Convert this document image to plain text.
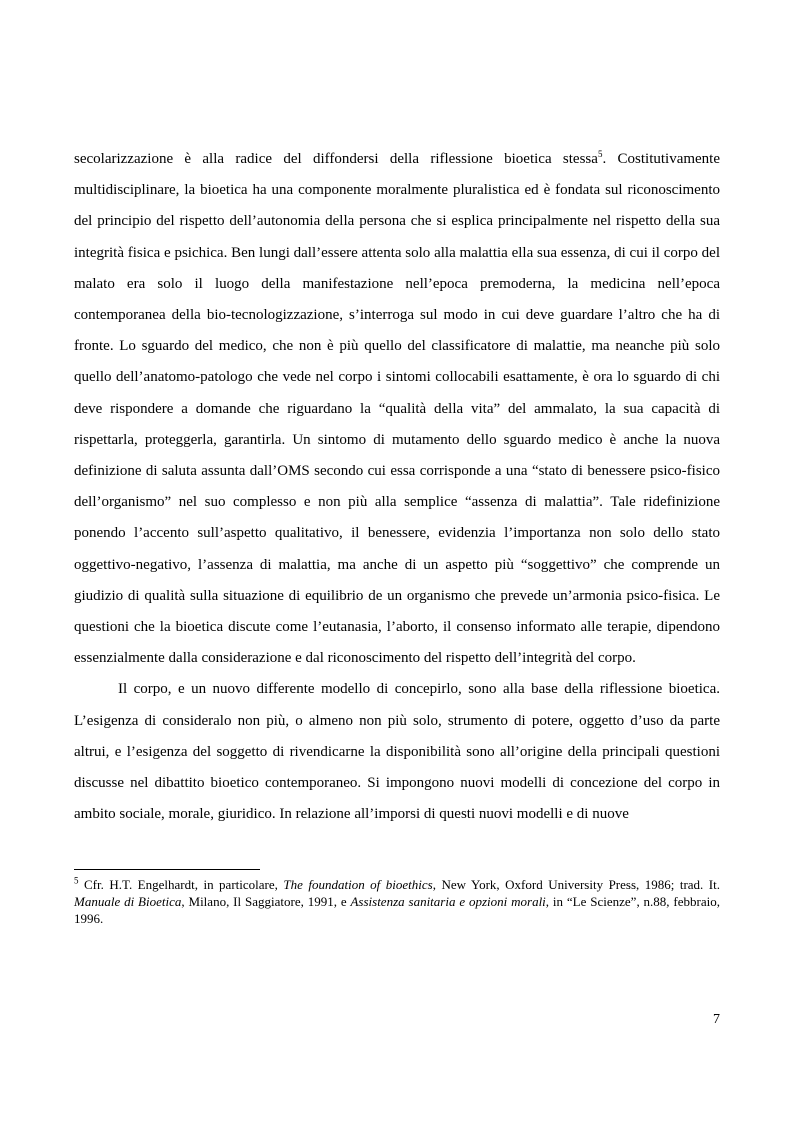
secolarizzazione è alla radice del diffondersi della riflessione bioetica stessa$^5$. Costitutivamente multidisciplinare, la bioetica ha una componente moralmente pluralistica ed è fondata sul riconoscimento del principio del rispetto dell’autonomia della persona che si esplica principalmente nel rispetto della sua integrità fisica e psichica. Ben lungi dall’essere attenta solo alla malattia ella sua essenza, di cui il corpo del malato era solo il luogo della manifestazione nell’epoca premoderna, la medicina nell’epoca contemporanea della bio-tecnologizzazione, s’interroga sul modo in cui deve guardare l’altro che ha di fronte. Lo sguardo del medico, che non è più quello del classificatore di malattie, ma neanche più solo quello dell’anatomo-patologo che vede nel corpo i sintomi collocabili esattamente, è ora lo sguardo di chi deve rispondere a domande che riguardano la “qualità della vita” del ammalato, la sua capacità di rispettarla, proteggerla, garantirla. Un sintomo di mutamento dello sguardo medico è anche la nuova definizione di saluta assunta dall’OMS secondo cui essa corrisponde a una “stato di benessere psico-fisico dell’organismo” nel suo complesso e non più alla semplice “assenza di malattia”. Tale ridefinizione ponendo l’accento sull’aspetto qualitativo, il benessere, evidenzia l’importanza non solo dello stato oggettivo-negativo, l’assenza di malattia, ma anche di un aspetto più “soggettivo” che comprende un giudizio di qualità sulla situazione di equilibrio de un organismo che prevede un’armonia psico-fisica. Le questioni che la bioetica discute come l’eutanasia, l’aborto, il consenso informato alle terapie, dipendono essenzialmente dalla considerazione e dal riconoscimento del rispetto dell’integrità del corpo.

Il corpo, e un nuovo differente modello di concepirlo, sono alla base della riflessione bioetica. L’esigenza di consideralo non più, o almeno non più solo, strumento di potere, oggetto d’uso da parte altrui, e l’esigenza del soggetto di rivendicarne la disponibilità sono all’origine della principali questioni discusse nel dibattito bioetico contemporaneo. Si impongono nuovi modelli di concezione del corpo in ambito sociale, morale, giuridico. In relazione all’imporsi di questi nuovi modelli e di nuove

$^5$ Cfr. H.T. Engelhardt, in particolare, The foundation of bioethics, New York, Oxford University Press, 1986; trad. It. Manuale di Bioetica, Milano, Il Saggiatore, 1991, e Assistenza sanitaria e opzioni morali, in “Le Scienze”, n.88, febbraio, 1996.
7
